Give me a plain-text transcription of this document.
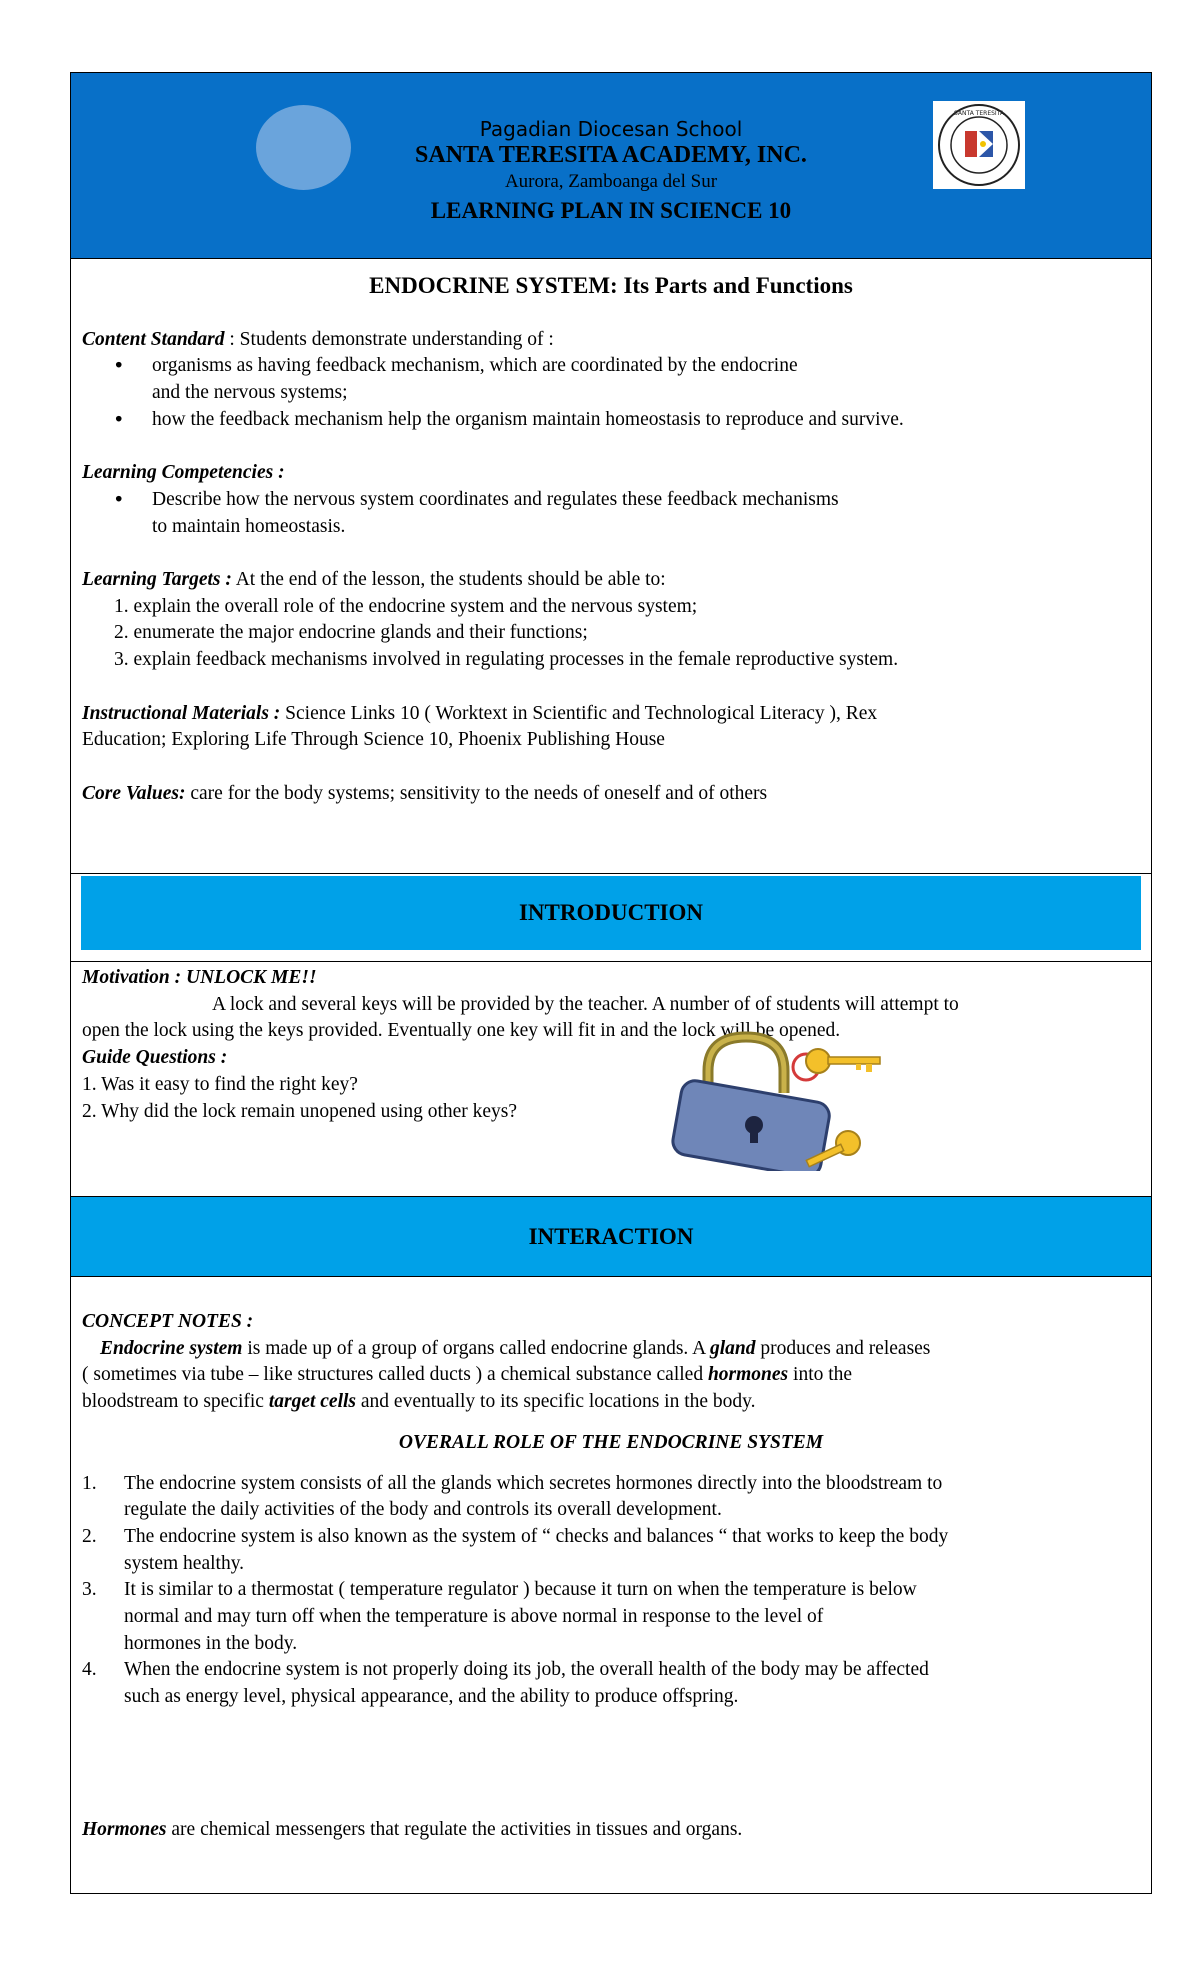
SANTA TERESITA
Pagadian Diocesan School
SANTA TERESITA ACADEMY, INC.
Aurora, Zamboanga del Sur
LEARNING PLAN IN SCIENCE 10
ENDOCRINE SYSTEM: Its Parts and Functions
Content Standard : Students demonstrate understanding of :
• organisms as having feedback mechanism, which are coordinated by the endocrine
and the nervous systems;
• how the feedback mechanism help the organism maintain homeostasis to reproduce and survive.
Learning Competencies :
• Describe how the nervous system coordinates and regulates these feedback mechanisms
to maintain homeostasis.
Learning Targets : At the end of the lesson, the students should be able to:
1. explain the overall role of the endocrine system and the nervous system;
2. enumerate the major endocrine glands and their functions;
3. explain feedback mechanisms involved in regulating processes in the female reproductive system.
Instructional Materials : Science Links 10 ( Worktext in Scientific and Technological Literacy ), Rex
Education; Exploring Life Through Science 10, Phoenix Publishing House
Core Values: care for the body systems; sensitivity to the needs of oneself and of others
INTRODUCTION
Motivation : UNLOCK ME!!
A lock and several keys will be provided by the teacher. A number of of students will attempt to
open the lock using the keys provided. Eventually one key will fit in and the lock will be opened.
Guide Questions :
1. Was it easy to find the right key?
2. Why did the lock remain unopened using other keys?
INTERACTION
CONCEPT NOTES :
Endocrine system is made up of a group of organs called endocrine glands. A gland produces and releases
( sometimes via tube – like structures called ducts ) a chemical substance called hormones into the
bloodstream to specific target cells and eventually to its specific locations in the body.
OVERALL ROLE OF THE ENDOCRINE SYSTEM
1. The endocrine system consists of all the glands which secretes hormones directly into the bloodstream to
regulate the daily activities of the body and controls its overall development.
2. The endocrine system is also known as the system of “ checks and balances “ that works to keep the body
system healthy.
3. It is similar to a thermostat ( temperature regulator ) because it turn on when the temperature is below
normal and may turn off when the temperature is above normal in response to the level of
hormones in the body.
4. When the endocrine system is not properly doing its job, the overall health of the body may be affected
such as energy level, physical appearance, and the ability to produce offspring.
Hormones are chemical messengers that regulate the activities in tissues and organs.
